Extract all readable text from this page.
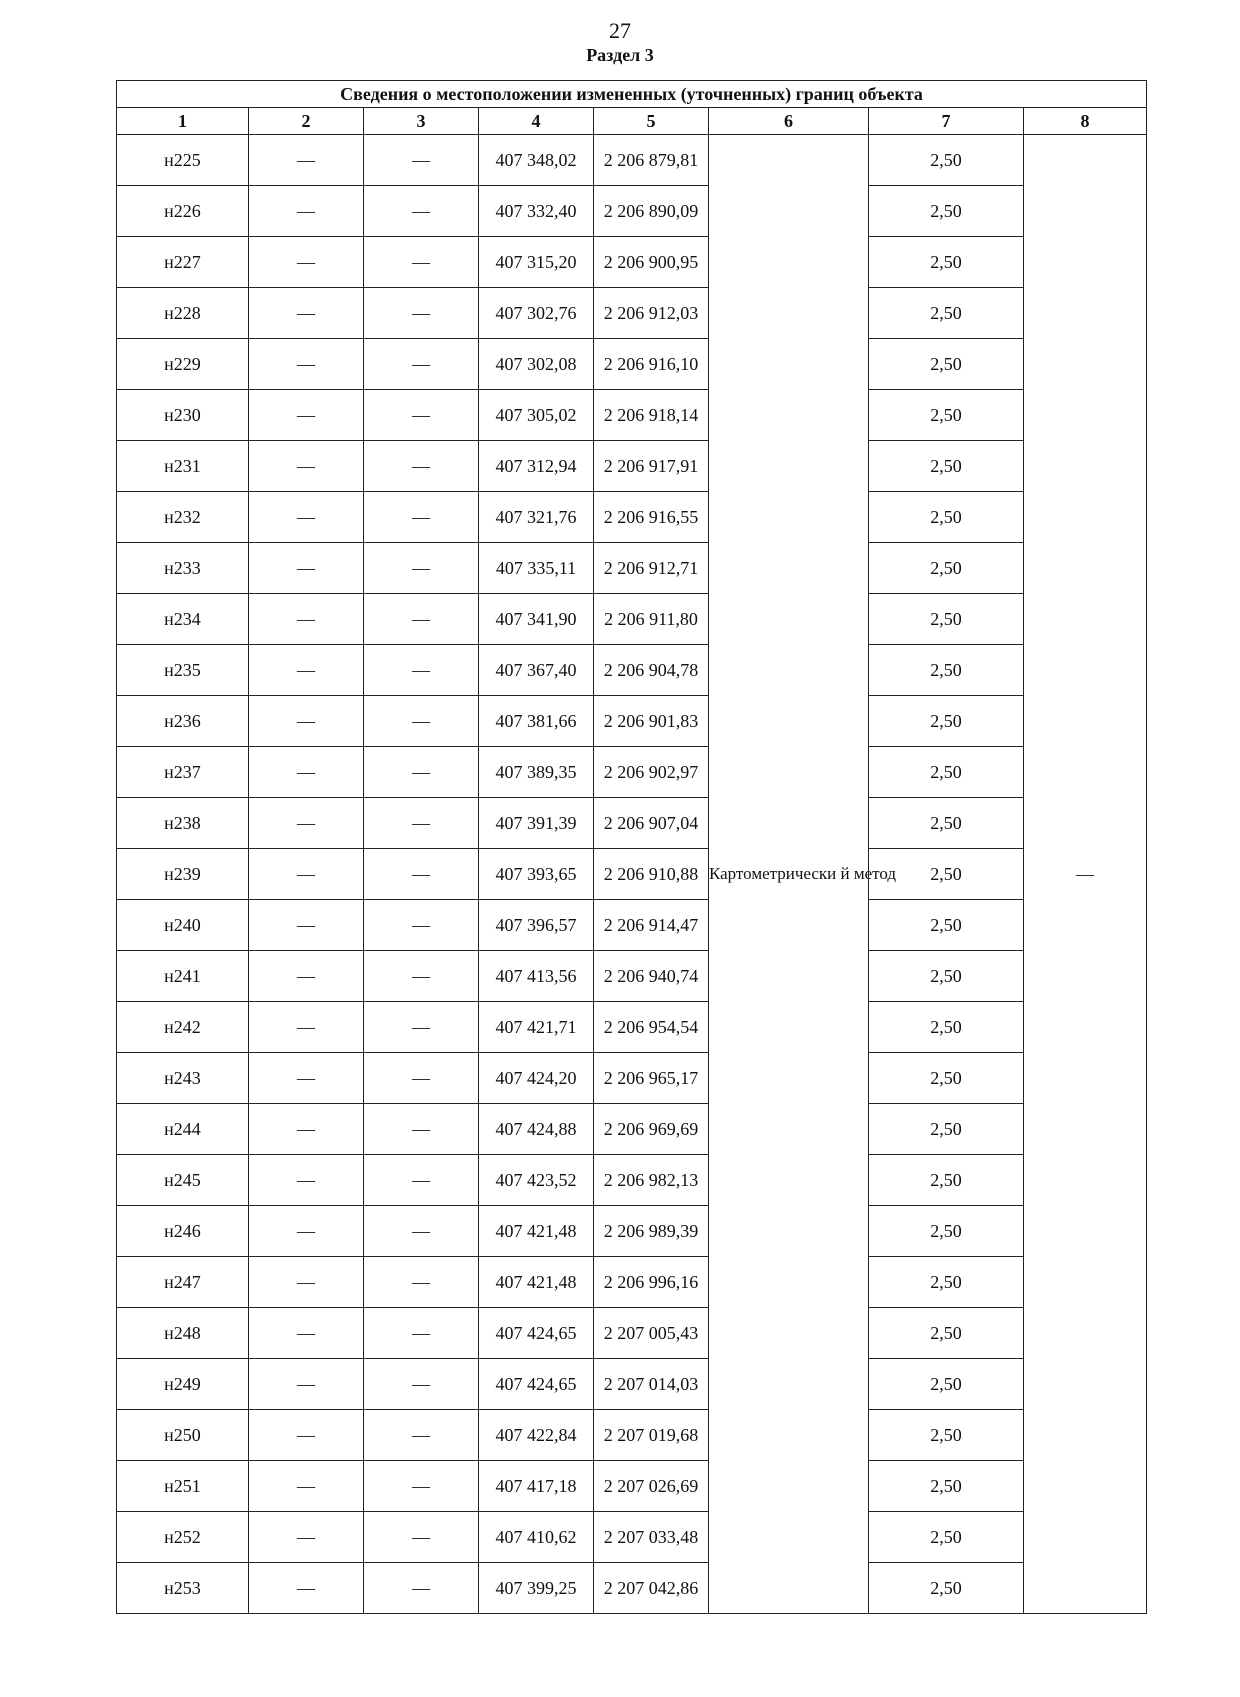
27
Раздел 3
Сведения о местоположении измененных (уточненных) границ объекта							
1	2	3	4	5	6	7	8
н225	—	—	407 348,02	2 206 879,81	Картометрически й метод	2,50	—
н226	—	—	407 332,40	2 206 890,09		2,50	
н227	—	—	407 315,20	2 206 900,95		2,50	
н228	—	—	407 302,76	2 206 912,03		2,50	
н229	—	—	407 302,08	2 206 916,10		2,50	
н230	—	—	407 305,02	2 206 918,14		2,50	
н231	—	—	407 312,94	2 206 917,91		2,50	
н232	—	—	407 321,76	2 206 916,55		2,50	
н233	—	—	407 335,11	2 206 912,71		2,50	
н234	—	—	407 341,90	2 206 911,80		2,50	
н235	—	—	407 367,40	2 206 904,78		2,50	
н236	—	—	407 381,66	2 206 901,83		2,50	
н237	—	—	407 389,35	2 206 902,97		2,50	
н238	—	—	407 391,39	2 206 907,04		2,50	
н239	—	—	407 393,65	2 206 910,88		2,50	
н240	—	—	407 396,57	2 206 914,47		2,50	
н241	—	—	407 413,56	2 206 940,74		2,50	
н242	—	—	407 421,71	2 206 954,54		2,50	
н243	—	—	407 424,20	2 206 965,17		2,50	
н244	—	—	407 424,88	2 206 969,69		2,50	
н245	—	—	407 423,52	2 206 982,13		2,50	
н246	—	—	407 421,48	2 206 989,39		2,50	
н247	—	—	407 421,48	2 206 996,16		2,50	
н248	—	—	407 424,65	2 207 005,43		2,50	
н249	—	—	407 424,65	2 207 014,03		2,50	
н250	—	—	407 422,84	2 207 019,68		2,50	
н251	—	—	407 417,18	2 207 026,69		2,50	
н252	—	—	407 410,62	2 207 033,48		2,50	
н253	—	—	407 399,25	2 207 042,86		2,50	
